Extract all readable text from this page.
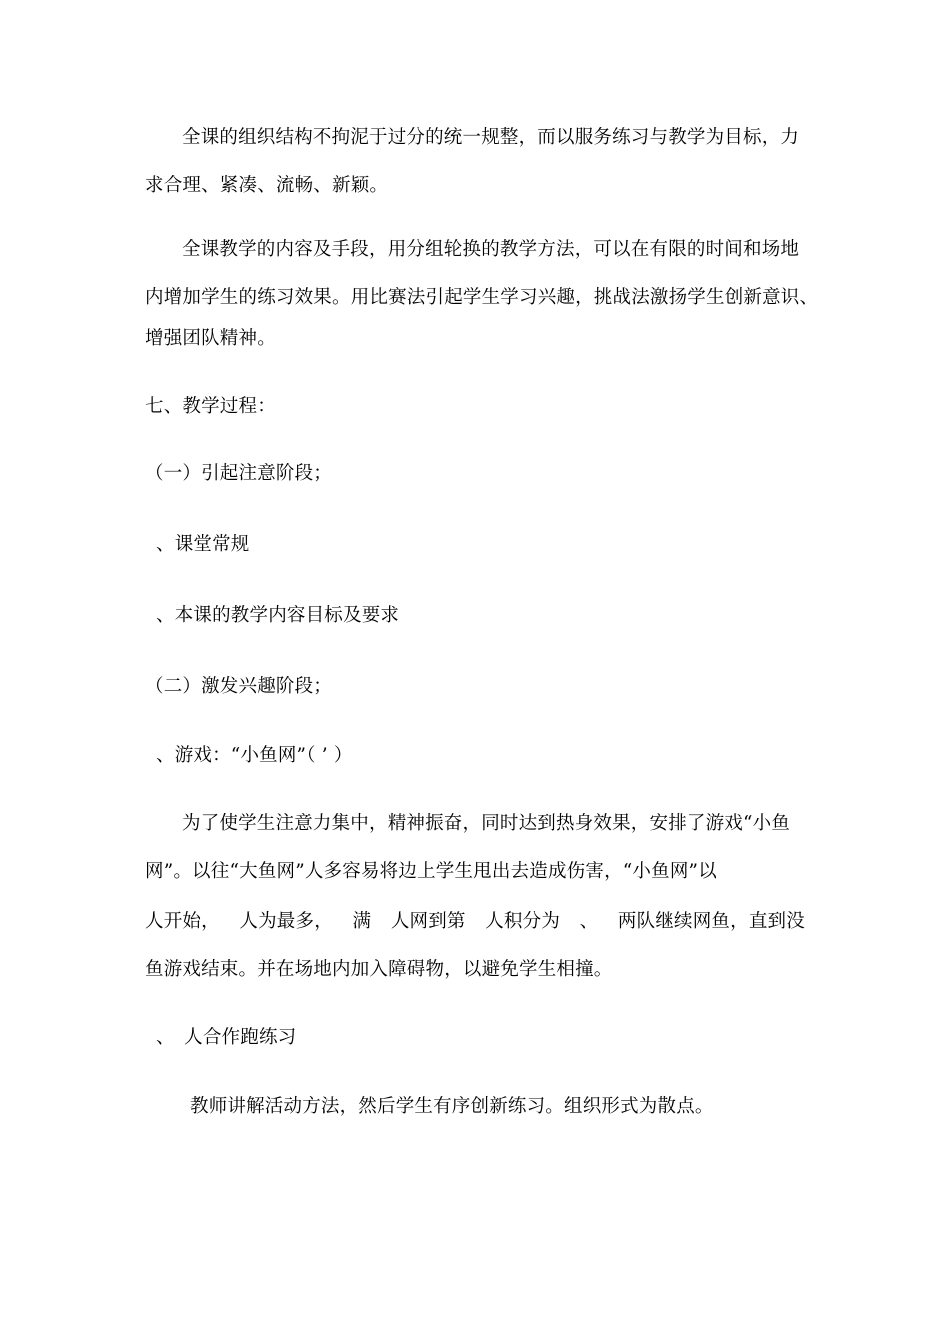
全课的组织结构不拘泥于过分的统一规整，而以服务练习与教学为目标，力
求合理、紧凑、流畅、新颖。
全课教学的内容及手段，用分组轮换的教学方法，可以在有限的时间和场地
内增加学生的练习效果。用比赛法引起学生学习兴趣，挑战法激扬学生创新意识、
增强团队精神。
七、教学过程：
（一）引起注意阶段；
、课堂常规
、本课的教学内容目标及要求
（二）激发兴趣阶段；
、游戏：“小鱼网”（ ’ ）
为了使学生注意力集中，精神振奋，同时达到热身效果，安排了游戏“小鱼
网”。以往“大鱼网”人多容易将边上学生甩出去造成伤害，“小鱼网”以
人开始， 人为最多， 满 人网到第 人积分为 、 两队继续网鱼，直到没
鱼游戏结束。并在场地内加入障碍物，以避免学生相撞。
、　人合作跑练习
教师讲解活动方法，然后学生有序创新练习。组织形式为散点。
